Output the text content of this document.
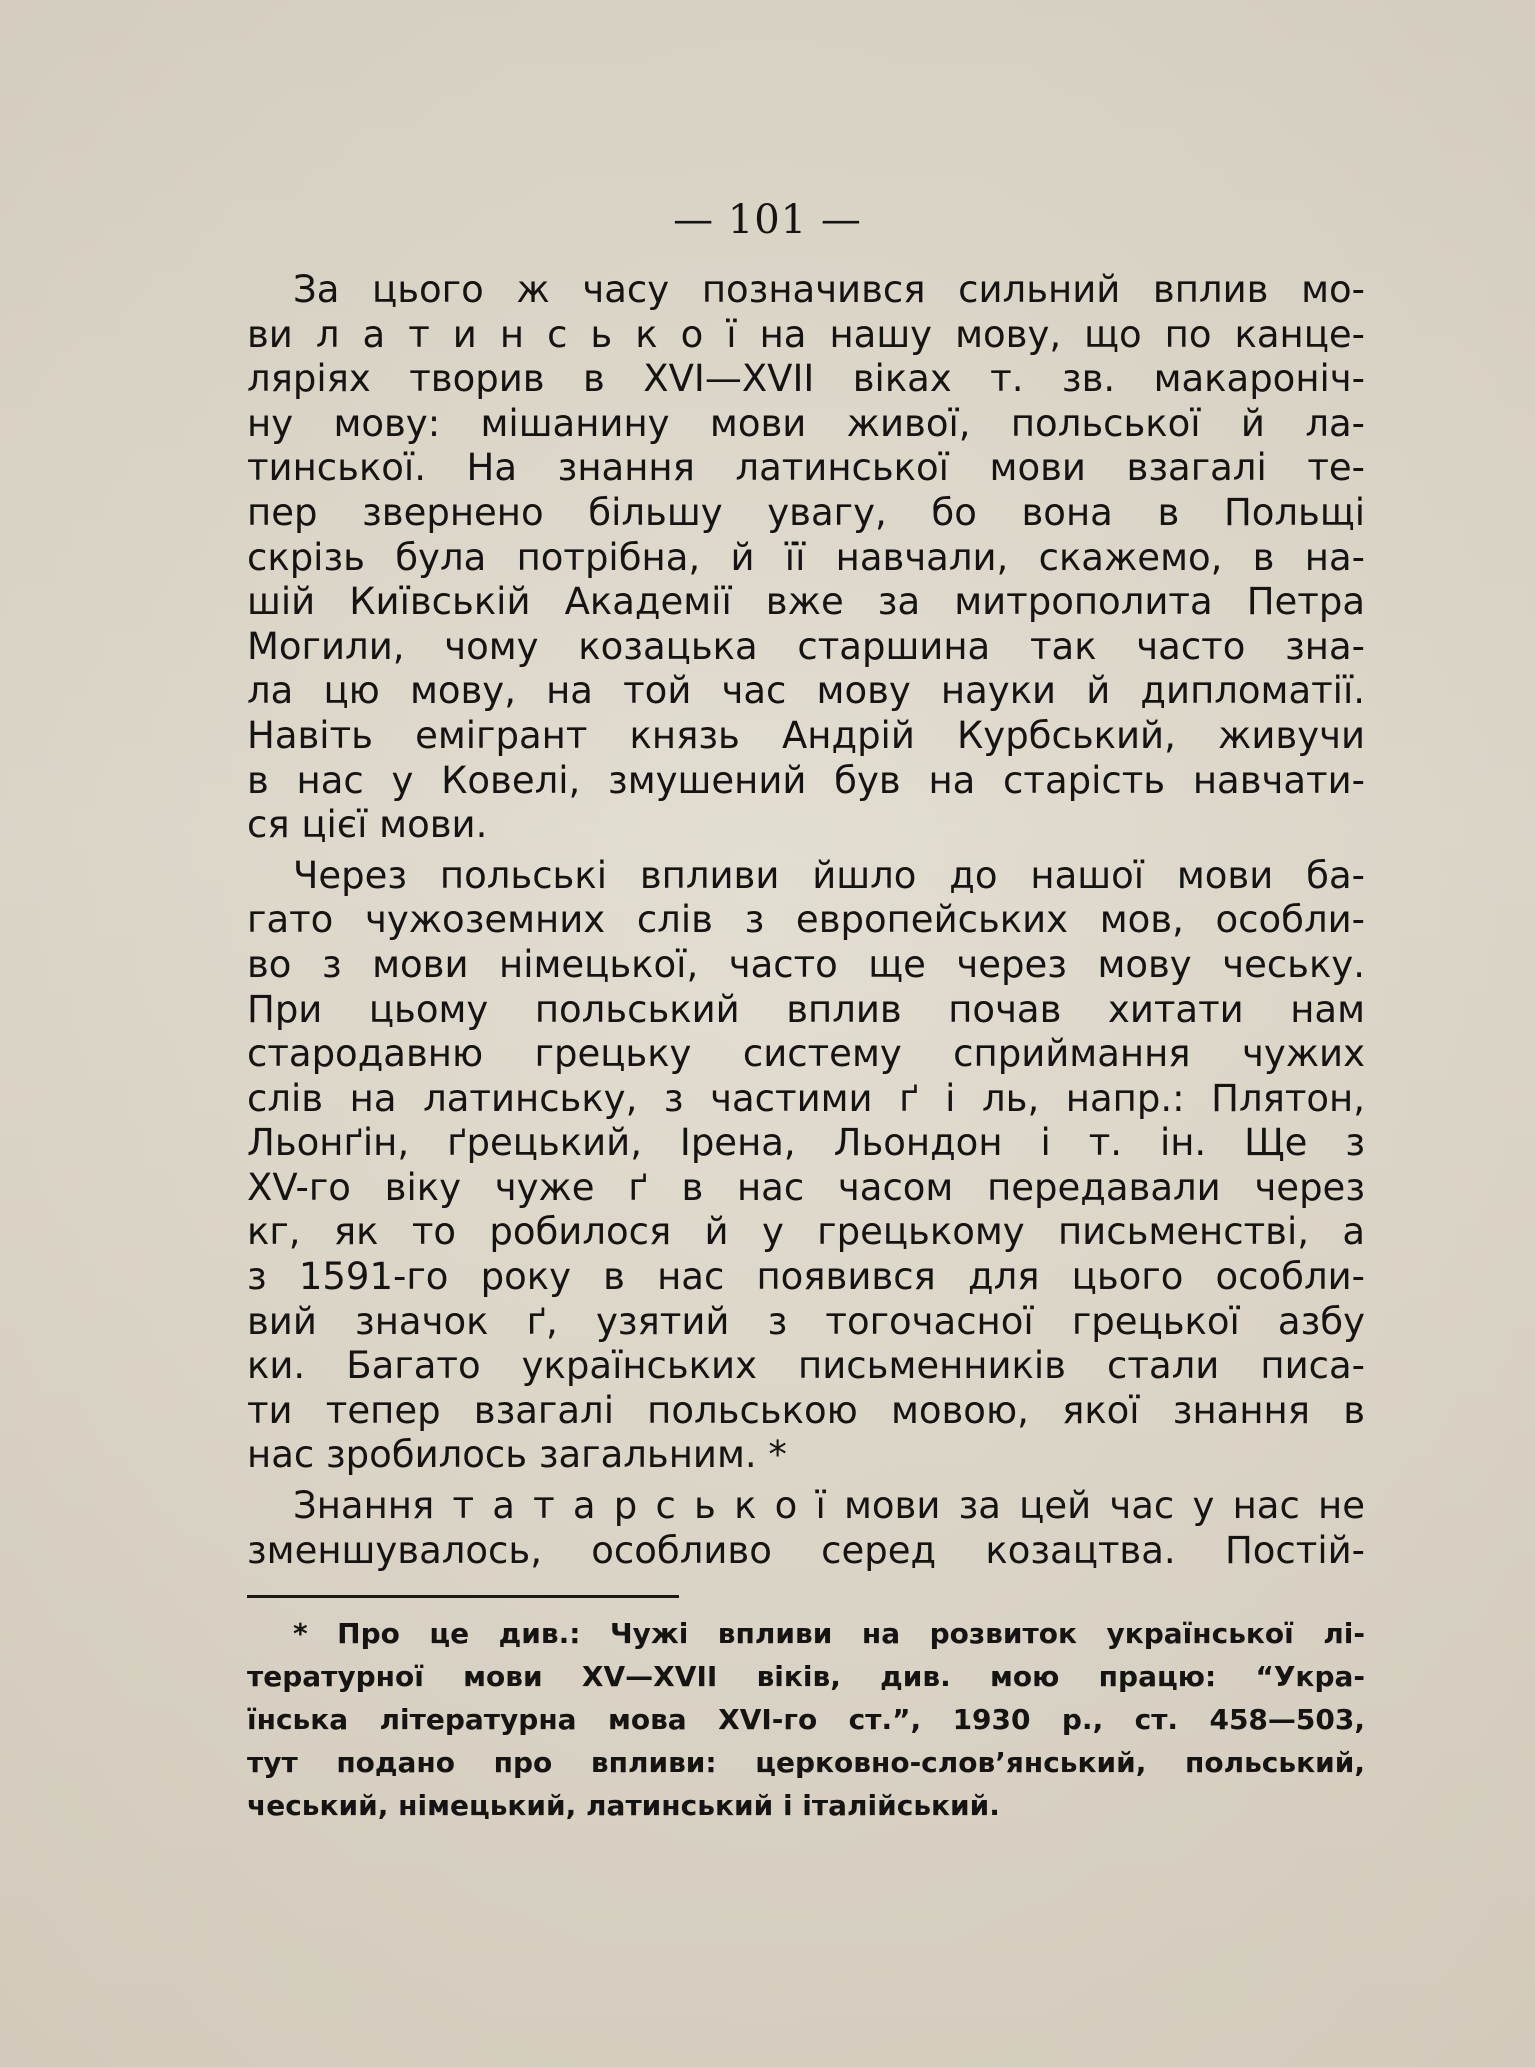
— 101 —
За цього ж часу позначився сильний вплив мо-
ви л а т и н с ь к о ї на нашу мову, що по канце-
ляріях творив в XVI—XVII віках т. зв. макароніч-
ну мову: мішанину мови живої, польської й ла-
тинської. На знання латинської мови взагалі те-
пер звернено більшу увагу, бо вона в Польщі
скрізь була потрібна, й її навчали, скажемо, в на-
шій Київській Академії вже за митрополита Петра
Могили, чому козацька старшина так часто зна-
ла цю мову, на той час мову науки й дипломатії.
Навіть емігрант князь Андрій Курбський, живучи
в нас у Ковелі, змушений був на старість навчати-
ся цієї мови.
Через польські впливи йшло до нашої мови ба-
гато чужоземних слів з европейських мов, особли-
во з мови німецької, часто ще через мову чеську.
При цьому польський вплив почав хитати нам
стародавню грецьку систему сприймання чужих
слів на латинську, з частими ґ і ль, напр.: Плятон,
Льонґін, ґрецький, Ірена, Льондон і т. ін. Ще з
XV-го віку чуже ґ в нас часом передавали через
кг, як то робилося й у грецькому письменстві, а
з 1591-го року в нас появився для цього особли-
вий значок ґ, узятий з тогочасної грецької азбу
ки. Багато українських письменників стали писа-
ти тепер взагалі польською мовою, якої знання в
нас зробилось загальним. *
Знання т а т а р с ь к о ї мови за цей час у нас не
зменшувалось, особливо серед козацтва. Постій-
* Про це див.: Чужі впливи на розвиток української лі-
тературної мови XV—XVII віків, див. мою працю: “Укра-
їнська літературна мова XVI-го ст.”, 1930 р., ст. 458—503,
тут подано про впливи: церковно-слов’янський, польський,
чеський, німецький, латинський і італійський.
